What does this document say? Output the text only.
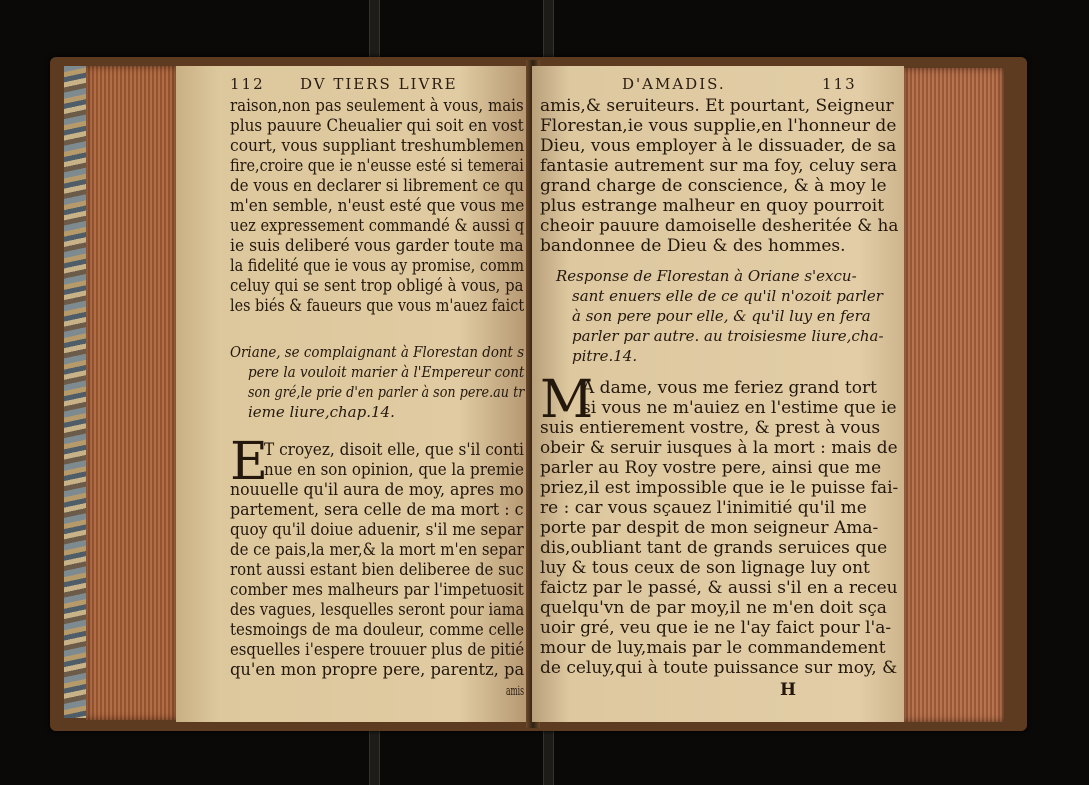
112 DV TIERS LIVRE
raison,non pas seulement à vous, mais
plus pauure Cheualier qui soit en vost
court, vous suppliant treshumblemen
fire,croire que ie n'eusse esté si temerai
de vous en declarer si librement ce qu
m'en semble, n'eust esté que vous me
uez expressement commandé & aussi q
ie suis deliberé vous garder toute ma
la fidelité que ie vous ay promise, comm
celuy qui se sent trop obligé à vous, pa
les biés & faueurs que vous m'auez faict
Oriane, se complaignant à Florestan dont s
pere la vouloit marier à l'Empereur cont
son gré,le prie d'en parler à son pere.au tr
ieme liure,chap.14.
E
T croyez, disoit elle, que s'il conti
nue en son opinion, que la premie
nouuelle qu'il aura de moy, apres mo
partement, sera celle de ma mort : c
quoy qu'il doiue aduenir, s'il me separ
de ce pais,la mer,& la mort m'en separ
ront aussi estant bien deliberee de suc
comber mes malheurs par l'impetuosit
des vagues, lesquelles seront pour iama
tesmoings de ma douleur, comme celle
esquelles i'espere trouuer plus de pitié
qu'en mon propre pere, parentz, pa
amis
D'AMADIS.	113
amis,& seruiteurs. Et pourtant, Seigneur
Florestan,ie vous supplie,en l'honneur de
Dieu, vous employer à le dissuader, de sa
fantasie autrement sur ma foy, celuy sera
grand charge de conscience, & à moy le
plus estrange malheur en quoy pourroit
cheoir pauure damoiselle desheritée & ha
bandonnee de Dieu & des hommes.
Response de Florestan à Oriane s'excu-
sant enuers elle de ce qu'il n'ozoit parler
à son pere pour elle, & qu'il luy en fera
parler par autre. au troisiesme liure,cha-
pitre.14.
M
A dame, vous me feriez grand tort
si vous ne m'auiez en l'estime que ie
suis entierement vostre, & prest à vous
obeir & seruir iusques à la mort : mais de
parler au Roy vostre pere, ainsi que me
priez,il est impossible que ie le puisse fai-
re : car vous sçauez l'inimitié qu'il me
porte par despit de mon seigneur Ama-
dis,oubliant tant de grands seruices que
luy & tous ceux de son lignage luy ont
faictz par le passé, & aussi s'il en a receu
quelqu'vn de par moy,il ne m'en doit sça
uoir gré, veu que ie ne l'ay faict pour l'a-
mour de luy,mais par le commandement
de celuy,qui à toute puissance sur moy, &
H
